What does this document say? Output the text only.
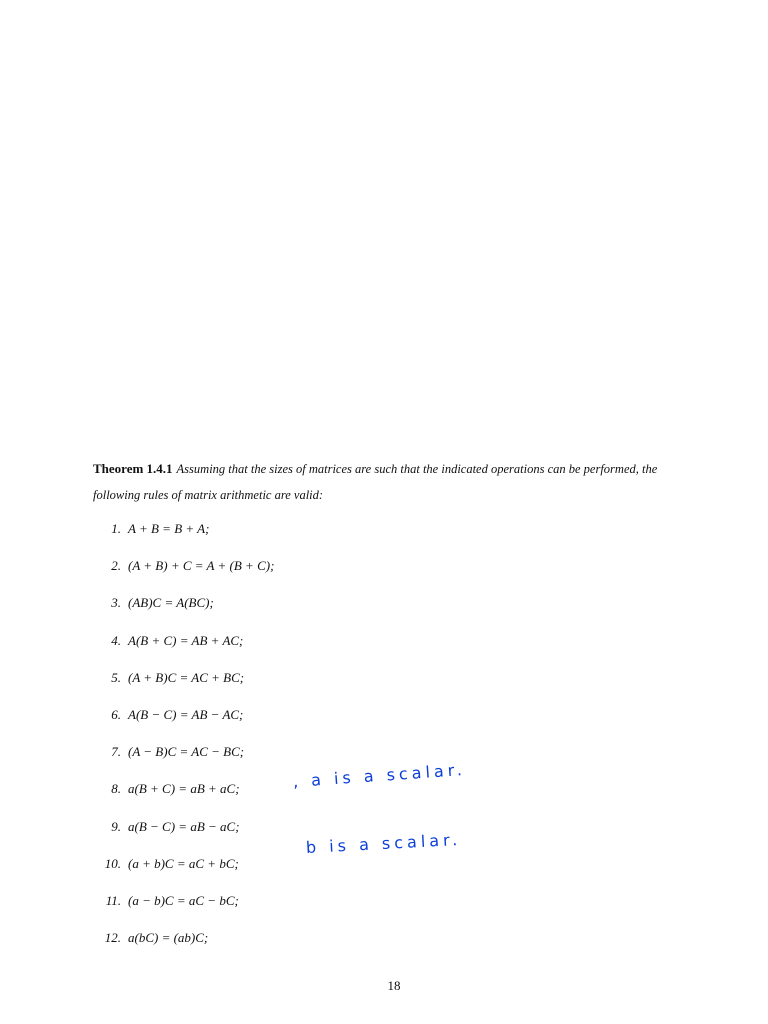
Theorem 1.4.1 Assuming that the sizes of matrices are such that the indicated operations can be performed, the following rules of matrix arithmetic are valid:
1. A + B = B + A;
2. (A + B) + C = A + (B + C);
3. (AB)C = A(BC);
4. A(B + C) = AB + AC;
5. (A + B)C = AC + BC;
6. A(B − C) = AB − AC;
7. (A − B)C = AC − BC;
8. a(B + C) = aB + aC;
9. a(B − C) = aB − aC;
10. (a + b)C = aC + bC;
11. (a − b)C = aC − bC;
12. a(bC) = (ab)C;
, a is a scalar.
b is a scalar.
18
